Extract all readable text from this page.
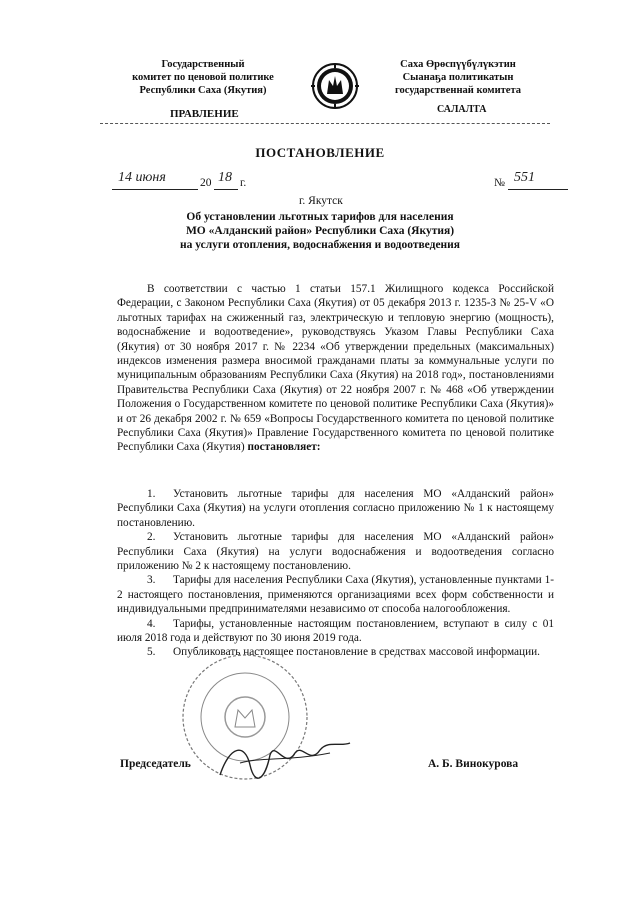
Государственный
комитет по ценовой политике
Республики Саха (Якутия)
Саха Өрөспүүбүлүкэтин
Сыанаҕа политикатын
государственнай комитета
ПРАВЛЕНИЕ	САЛАЛТА
ПОСТАНОВЛЕНИЕ
14 июня	20 18 г.	№ 551
г. Якутск
Об установлении льготных тарифов для населения
МО «Алданский район» Республики Саха (Якутия)
на услуги отопления, водоснабжения и водоотведения

В соответствии с частью 1 статьи 157.1 Жилищного кодекса Российской Федерации, с Законом Республики Саха (Якутия) от 05 декабря 2013 г. 1235-З № 25-V «О льготных тарифах на сжиженный газ, электрическую и тепловую энергию (мощность), водоснабжение и водоотведение», руководствуясь Указом Главы Республики Саха (Якутия) от 30 ноября 2017 г. № 2234 «Об утверждении предельных (максимальных) индексов изменения размера вносимой гражданами платы за коммунальные услуги по муниципальным образованиям Республики Саха (Якутия) на 2018 год», постановлениями Правительства Республики Саха (Якутия) от 22 ноября 2007 г. № 468 «Об утверждении Положения о Государственном комитете по ценовой политике Республики Саха (Якутия)» и от 26 декабря 2002 г. № 659 «Вопросы Государственного комитета по ценовой политике Республики Саха (Якутия)» Правление Государственного комитета по ценовой политике Республики Саха (Якутия) постановляет:

1. Установить льготные тарифы для населения МО «Алданский район» Республики Саха (Якутия) на услуги отопления согласно приложению № 1 к настоящему постановлению.

2. Установить льготные тарифы для населения МО «Алданский район» Республики Саха (Якутия) на услуги водоснабжения и водоотведения согласно приложению № 2 к настоящему постановлению.

3. Тарифы для населения Республики Саха (Якутия), установленные пунктами 1-2 настоящего постановления, применяются организациями всех форм собственности и индивидуальными предпринимателями независимо от способа налогообложения.

4. Тарифы, установленные настоящим постановлением, вступают в силу с 01 июля 2018 года и действуют по 30 июня 2019 года.

5. Опубликовать настоящее постановление в средствах массовой информации.

Председатель	А. Б. Винокурова
